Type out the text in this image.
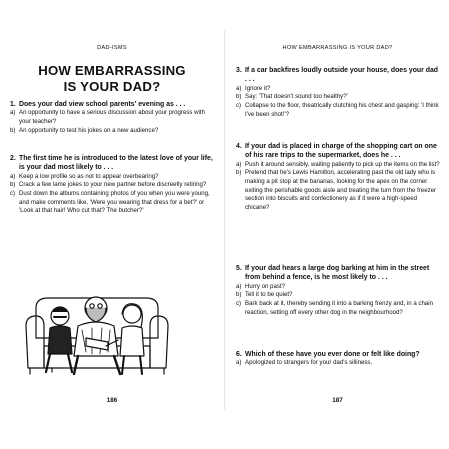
DAD-ISMS
HOW EMBARRASSING
IS YOUR DAD?
1. Does your dad view school parents' evening as . . .
a) An opportunity to have a serious discussion about your progress with your teacher?
b) An opportunity to test his jokes on a new audience?
2. The first time he is introduced to the latest love of your life, is your dad most likely to . . .
a) Keep a low profile so as not to appear overbearing?
b) Crack a few lame jokes to your new partner before discreetly retiring?
c) Dust down the albums containing photos of you when you were young, and make comments like, 'Were you wearing that dress for a bet?' or 'Look at that hair! Who cut that? The butcher?'
186
HOW EMBARRASSING IS YOUR DAD?
3. If a car backfires loudly outside your house, does your dad . . .
a) Ignore it?
b) Say: 'That doesn't sound too healthy?'
c) Collapse to the floor, theatrically clutching his chest and gasping: 'I think I've been shot!'?
4. If your dad is placed in charge of the shopping cart on one of his rare trips to the supermarket, does he . . .
a) Push it around sensibly, waiting patiently to pick up the items on the list?
b) Pretend that he's Lewis Hamilton, accelerating past the old lady who is making a pit stop at the bananas, looking for the apex on the corner exiting the perishable goods aisle and treating the turn from the freezer section into biscuits and confectionery as if it were a high-speed chicane?
5. If your dad hears a large dog barking at him in the street from behind a fence, is he most likely to . . .
a) Hurry on past?
b) Tell it to be quiet?
c) Bark back at it, thereby sending it into a barking frenzy and, in a chain reaction, setting off every other dog in the neighbourhood?
6. Which of these have you ever done or felt like doing?
a) Apologized to strangers for your dad's silliness.
187
